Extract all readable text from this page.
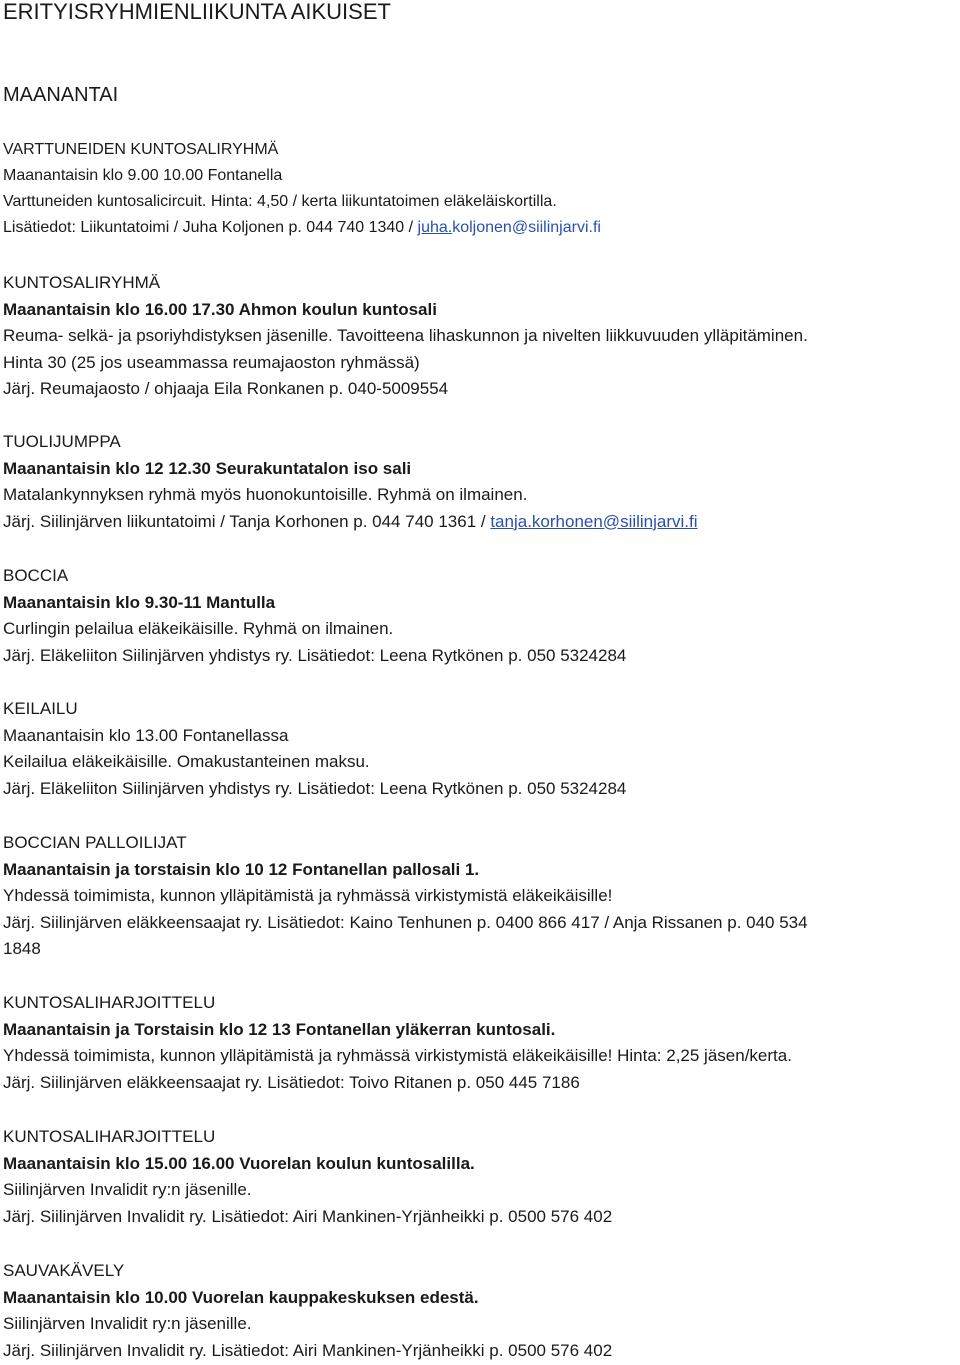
ERITYISRYHMIENLIIKUNTA AIKUISET
MAANANTAI
VARTTUNEIDEN KUNTOSALIRYHMÄ
Maanantaisin klo 9.00 10.00 Fontanella
Varttuneiden kuntosalicircuit. Hinta: 4,50 / kerta liikuntatoimen eläkeläiskortilla.
Lisätiedot: Liikuntatoimi / Juha Koljonen p. 044 740 1340 / juha.koljonen@siilinjarvi.fi
KUNTOSALIRYHMÄ
Maanantaisin klo 16.00 17.30 Ahmon koulun kuntosali
Reuma- selkä- ja psoriyhdistyksen jäsenille. Tavoitteena lihaskunnon ja nivelten liikkuvuuden ylläpitäminen.
Hinta 30 (25 jos useammassa reumajaoston ryhmässä)
Järj. Reumajaosto / ohjaaja Eila Ronkanen p. 040-5009554
TUOLIJUMPPA
Maanantaisin klo 12 12.30 Seurakuntatalon iso sali
Matalankynnyksen ryhmä myös huonokuntoisille. Ryhmä on ilmainen.
Järj. Siilinjärven liikuntatoimi / Tanja Korhonen p. 044 740 1361 / tanja.korhonen@siilinjarvi.fi
BOCCIA
Maanantaisin klo 9.30-11 Mantulla
Curlingin pelailua eläkeikäisille. Ryhmä on ilmainen.
Järj. Eläkeliiton Siilinjärven yhdistys ry. Lisätiedot: Leena Rytkönen p. 050 5324284
KEILAILU
Maanantaisin klo 13.00 Fontanellassa
Keilailua eläkeikäisille. Omakustanteinen maksu.
Järj. Eläkeliiton Siilinjärven yhdistys ry. Lisätiedot: Leena Rytkönen p. 050 5324284
BOCCIAN PALLOILIJAT
Maanantaisin ja torstaisin klo 10 12 Fontanellan pallosali 1.
Yhdessä toimimista, kunnon ylläpitämistä ja ryhmässä virkistymistä eläkeikäisille!
Järj. Siilinjärven eläkkeensaajat ry. Lisätiedot: Kaino Tenhunen p. 0400 866 417 / Anja Rissanen p. 040 534
1848
KUNTOSALIHARJOITTELU
Maanantaisin ja Torstaisin klo 12 13 Fontanellan yläkerran kuntosali.
Yhdessä toimimista, kunnon ylläpitämistä ja ryhmässä virkistymistä eläkeikäisille! Hinta: 2,25 jäsen/kerta.
Järj. Siilinjärven eläkkeensaajat ry. Lisätiedot: Toivo Ritanen p. 050 445 7186
KUNTOSALIHARJOITTELU
Maanantaisin klo 15.00 16.00 Vuorelan koulun kuntosalilla.
Siilinjärven Invalidit ry:n jäsenille.
Järj. Siilinjärven Invalidit ry. Lisätiedot: Airi Mankinen-Yrjänheikki p. 0500 576 402
SAUVAKÄVELY
Maanantaisin klo 10.00 Vuorelan kauppakeskuksen edestä.
Siilinjärven Invalidit ry:n jäsenille.
Järj. Siilinjärven Invalidit ry. Lisätiedot: Airi Mankinen-Yrjänheikki p. 0500 576 402
